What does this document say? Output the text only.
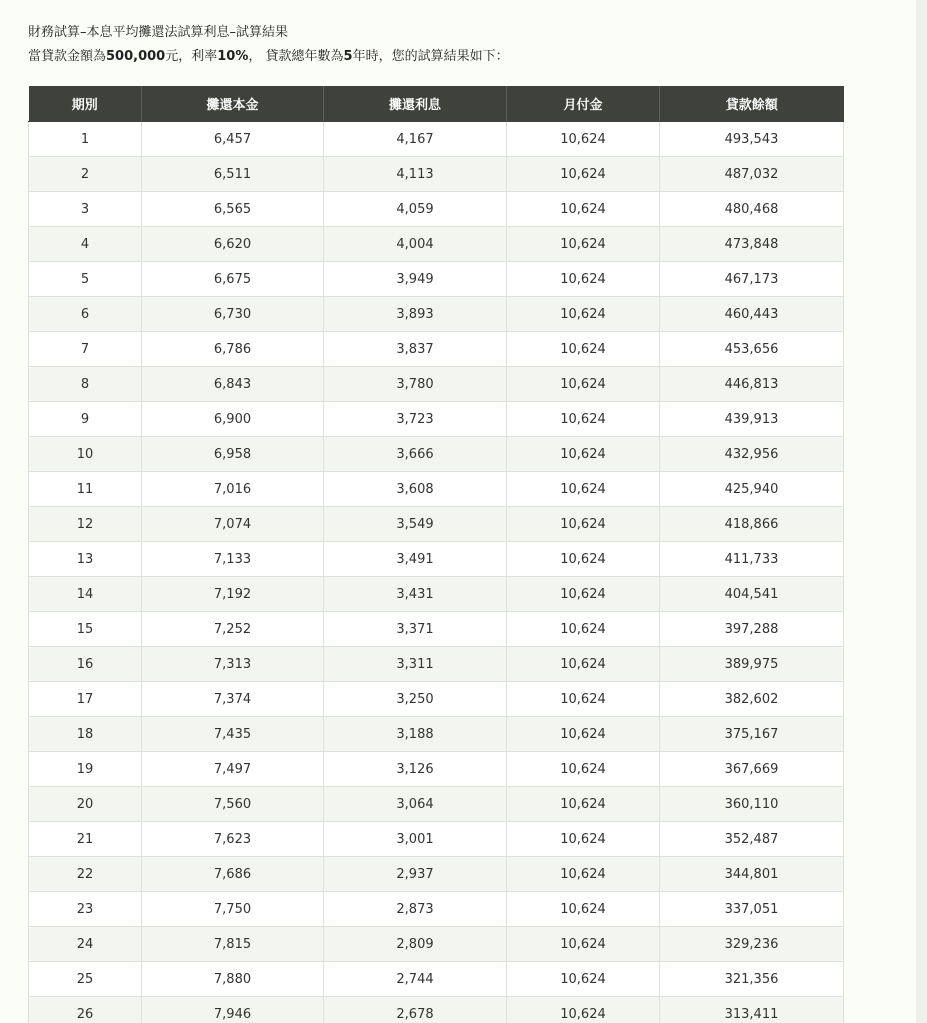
財務試算–本息平均攤還法試算利息–試算結果
當貸款金額為500,000元，利率10%， 貸款總年數為5年時，您的試算結果如下：
期別	攤還本金	攤還利息	月付金	貸款餘額
1	6,457	4,167	10,624	493,543
2	6,511	4,113	10,624	487,032
3	6,565	4,059	10,624	480,468
4	6,620	4,004	10,624	473,848
5	6,675	3,949	10,624	467,173
6	6,730	3,893	10,624	460,443
7	6,786	3,837	10,624	453,656
8	6,843	3,780	10,624	446,813
9	6,900	3,723	10,624	439,913
10	6,958	3,666	10,624	432,956
11	7,016	3,608	10,624	425,940
12	7,074	3,549	10,624	418,866
13	7,133	3,491	10,624	411,733
14	7,192	3,431	10,624	404,541
15	7,252	3,371	10,624	397,288
16	7,313	3,311	10,624	389,975
17	7,374	3,250	10,624	382,602
18	7,435	3,188	10,624	375,167
19	7,497	3,126	10,624	367,669
20	7,560	3,064	10,624	360,110
21	7,623	3,001	10,624	352,487
22	7,686	2,937	10,624	344,801
23	7,750	2,873	10,624	337,051
24	7,815	2,809	10,624	329,236
25	7,880	2,744	10,624	321,356
26	7,946	2,678	10,624	313,411
